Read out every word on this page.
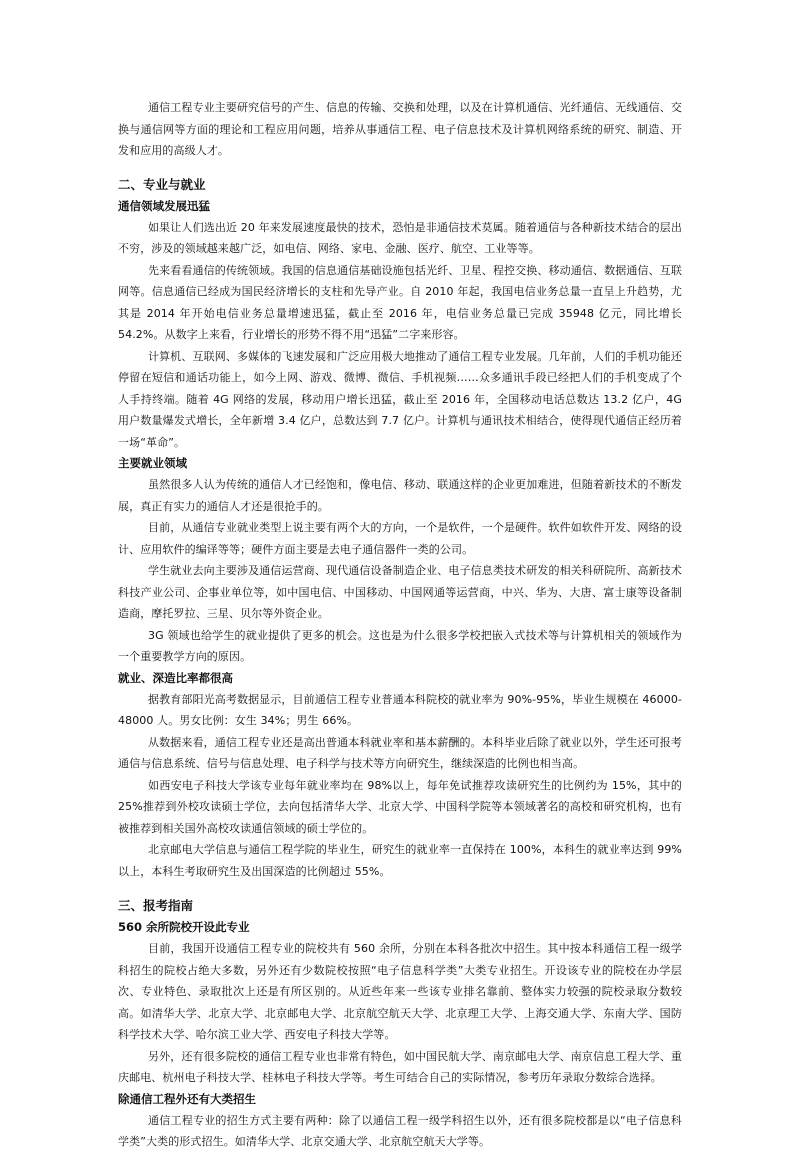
通信工程专业主要研究信号的产生、信息的传输、交换和处理，以及在计算机通信、光纤通信、无线通信、交换与通信网等方面的理论和工程应用问题，培养从事通信工程、电子信息技术及计算机网络系统的研究、制造、开发和应用的高级人才。

二、专业与就业
通信领域发展迅猛

如果让人们选出近 20 年来发展速度最快的技术，恐怕是非通信技术莫属。随着通信与各种新技术结合的层出不穷，涉及的领域越来越广泛，如电信、网络、家电、金融、医疗、航空、工业等等。

先来看看通信的传统领域。我国的信息通信基础设施包括光纤、卫星、程控交换、移动通信、数据通信、互联网等。信息通信已经成为国民经济增长的支柱和先导产业。自 2010 年起，我国电信业务总量一直呈上升趋势，尤其是 2014 年开始电信业务总量增速迅猛，截止至 2016 年，电信业务总量已完成 35948 亿元，同比增长 54.2%。从数字上来看，行业增长的形势不得不用“迅猛”二字来形容。

计算机、互联网、多媒体的飞速发展和广泛应用极大地推动了通信工程专业发展。几年前，人们的手机功能还停留在短信和通话功能上，如今上网、游戏、微博、微信、手机视频……众多通讯手段已经把人们的手机变成了个人手持终端。随着 4G 网络的发展，移动用户增长迅猛，截止至 2016 年，全国移动电话总数达 13.2 亿户，4G 用户数量爆发式增长，全年新增 3.4 亿户，总数达到 7.7 亿户。计算机与通讯技术相结合，使得现代通信正经历着一场“革命”。

主要就业领域

虽然很多人认为传统的通信人才已经饱和，像电信、移动、联通这样的企业更加难进，但随着新技术的不断发展，真正有实力的通信人才还是很抢手的。

目前，从通信专业就业类型上说主要有两个大的方向，一个是软件，一个是硬件。软件如软件开发、网络的设计、应用软件的编译等等；硬件方面主要是去电子通信器件一类的公司。

学生就业去向主要涉及通信运营商、现代通信设备制造企业、电子信息类技术研发的相关科研院所、高新技术科技产业公司、企事业单位等，如中国电信、中国移动、中国网通等运营商，中兴、华为、大唐、富士康等设备制造商，摩托罗拉、三星、贝尔等外资企业。

3G 领域也给学生的就业提供了更多的机会。这也是为什么很多学校把嵌入式技术等与计算机相关的领域作为一个重要教学方向的原因。

就业、深造比率都很高

据教育部阳光高考数据显示，目前通信工程专业普通本科院校的就业率为 90%-95%，毕业生规模在 46000-48000 人。男女比例：女生 34%；男生 66%。

从数据来看，通信工程专业还是高出普通本科就业率和基本薪酬的。本科毕业后除了就业以外，学生还可报考通信与信息系统、信号与信息处理、电子科学与技术等方向研究生，继续深造的比例也相当高。

如西安电子科技大学该专业每年就业率均在 98%以上，每年免试推荐攻读研究生的比例约为 15%，其中的 25%推荐到外校攻读硕士学位，去向包括清华大学、北京大学、中国科学院等本领域著名的高校和研究机构，也有被推荐到相关国外高校攻读通信领域的硕士学位的。

北京邮电大学信息与通信工程学院的毕业生，研究生的就业率一直保持在 100%，本科生的就业率达到 99%以上，本科生考取研究生及出国深造的比例超过 55%。

三、报考指南
560 余所院校开设此专业

目前，我国开设通信工程专业的院校共有 560 余所，分别在本科各批次中招生。其中按本科通信工程一级学科招生的院校占绝大多数，另外还有少数院校按照“电子信息科学类”大类专业招生。开设该专业的院校在办学层次、专业特色、录取批次上还是有所区别的。从近些年来一些该专业排名靠前、整体实力较强的院校录取分数较高。如清华大学、北京大学、北京邮电大学、北京航空航天大学、北京理工大学、上海交通大学、东南大学、国防科学技术大学、哈尔滨工业大学、西安电子科技大学等。

另外，还有很多院校的通信工程专业也非常有特色，如中国民航大学、南京邮电大学、南京信息工程大学、重庆邮电、杭州电子科技大学、桂林电子科技大学等。考生可结合自己的实际情况，参考历年录取分数综合选择。

除通信工程外还有大类招生

通信工程专业的招生方式主要有两种：除了以通信工程一级学科招生以外，还有很多院校都是以“电子信息科学类”大类的形式招生。如清华大学、北京交通大学、北京航空航天大学等。
